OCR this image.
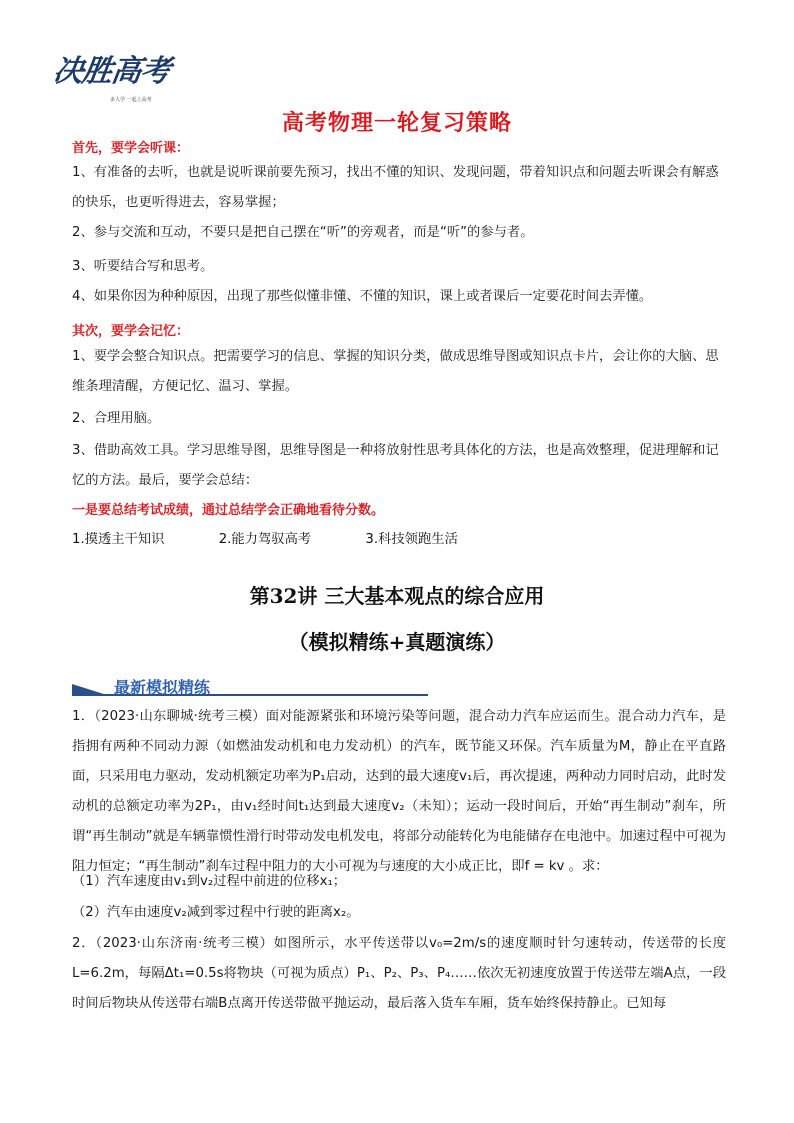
决胜高考
多人学 一起上高考
高考物理一轮复习策略
首先，要学会听课：
1、有准备的去听，也就是说听课前要先预习，找出不懂的知识、发现问题，带着知识点和问题去听课会有解惑的快乐，也更听得进去，容易掌握；
2、参与交流和互动，不要只是把自己摆在“听”的旁观者，而是“听”的参与者。
3、听要结合写和思考。
4、如果你因为种种原因，出现了那些似懂非懂、不懂的知识，课上或者课后一定要花时间去弄懂。
其次，要学会记忆：
1、要学会整合知识点。把需要学习的信息、掌握的知识分类，做成思维导图或知识点卡片，会让你的大脑、思维条理清醒，方便记忆、温习、掌握。
2、合理用脑。
3、借助高效工具。学习思维导图，思维导图是一种将放射性思考具体化的方法，也是高效整理，促进理解和记忆的方法。最后，要学会总结：
一是要总结考试成绩，通过总结学会正确地看待分数。
1.摸透主干知识	2.能力驾驭高考	3.科技领跑生活
第32讲 三大基本观点的综合应用
（模拟精练+真题演练）
最新模拟精练
1．（2023·山东聊城·统考三模）面对能源紧张和环境污染等问题，混合动力汽车应运而生。混合动力汽车，是指拥有两种不同动力源（如燃油发动机和电力发动机）的汽车，既节能又环保。汽车质量为M，静止在平直路面，只采用电力驱动，发动机额定功率为P₁启动，达到的最大速度v₁后，再次提速，两种动力同时启动，此时发动机的总额定功率为2P₁，由v₁经时间t₁达到最大速度v₂（未知）；运动一段时间后，开始“再生制动”刹车，所谓“再生制动”就是车辆靠惯性滑行时带动发电机发电，将部分动能转化为电能储存在电池中。加速过程中可视为阻力恒定；“再生制动”刹车过程中阻力的大小可视为与速度的大小成正比，即f = kv 。求：
（1）汽车速度由v₁到v₂过程中前进的位移x₁；
（2）汽车由速度v₂减到零过程中行驶的距离x₂。
2．（2023·山东济南·统考三模）如图所示，水平传送带以v₀=2m/s的速度顺时针匀速转动，传送带的长度L=6.2m，每隔Δt₁=0.5s将物块（可视为质点）P₁、P₂、P₃、P₄……依次无初速度放置于传送带左端A点，一段时间后物块从传送带右端B点离开传送带做平抛运动，最后落入货车车厢，货车始终保持静止。已知每
